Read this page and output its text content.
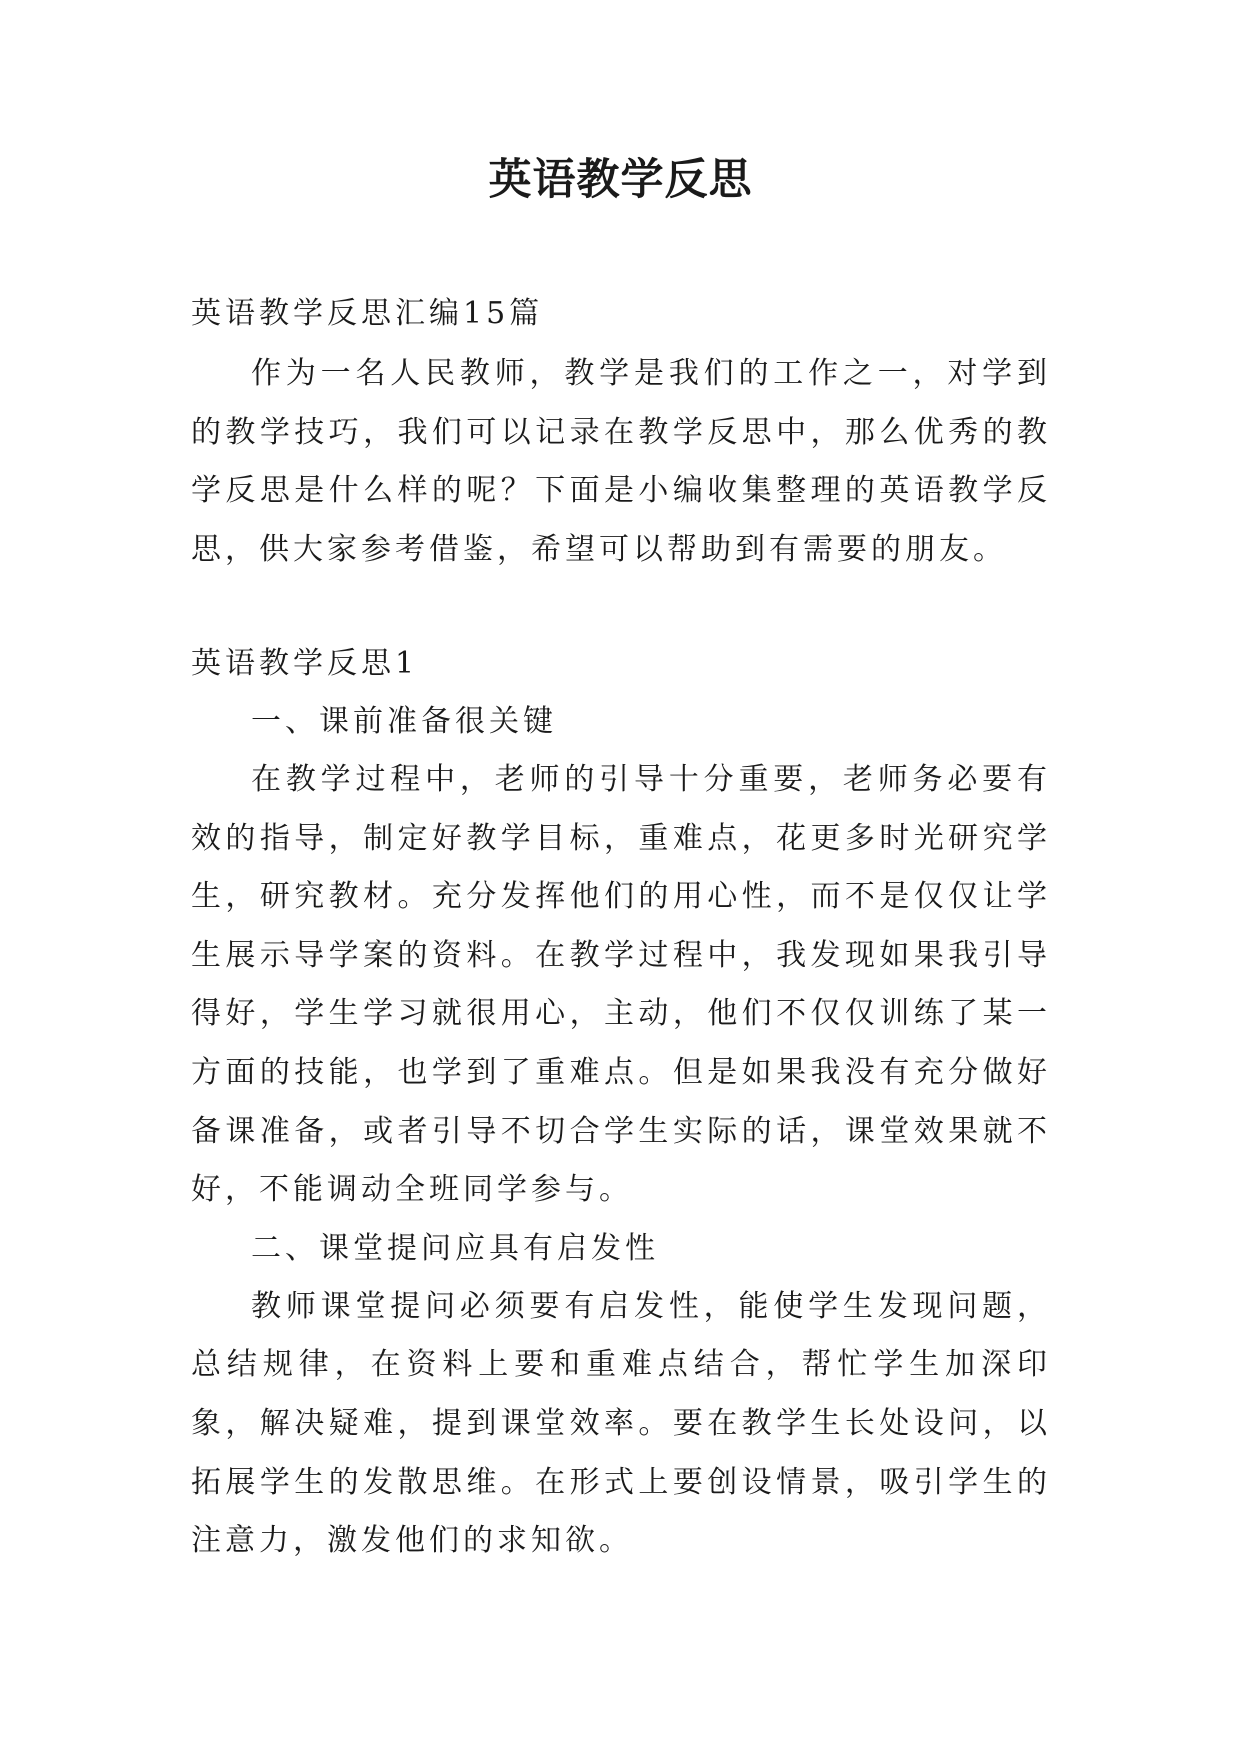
英语教学反思

英语教学反思汇编15篇

作为一名人民教师，教学是我们的工作之一，对学到的教学技巧，我们可以记录在教学反思中，那么优秀的教学反思是什么样的呢？下面是小编收集整理的英语教学反思，供大家参考借鉴，希望可以帮助到有需要的朋友。

英语教学反思1

一、课前准备很关键

在教学过程中，老师的引导十分重要，老师务必要有效的指导，制定好教学目标，重难点，花更多时光研究学生，研究教材。充分发挥他们的用心性，而不是仅仅让学生展示导学案的资料。在教学过程中，我发现如果我引导得好，学生学习就很用心，主动，他们不仅仅训练了某一方面的技能，也学到了重难点。但是如果我没有充分做好备课准备，或者引导不切合学生实际的话，课堂效果就不好，不能调动全班同学参与。

二、课堂提问应具有启发性

教师课堂提问必须要有启发性，能使学生发现问题，总结规律，在资料上要和重难点结合，帮忙学生加深印象，解决疑难，提到课堂效率。要在教学生长处设问，以拓展学生的发散思维。在形式上要创设情景，吸引学生的注意力，激发他们的求知欲。
